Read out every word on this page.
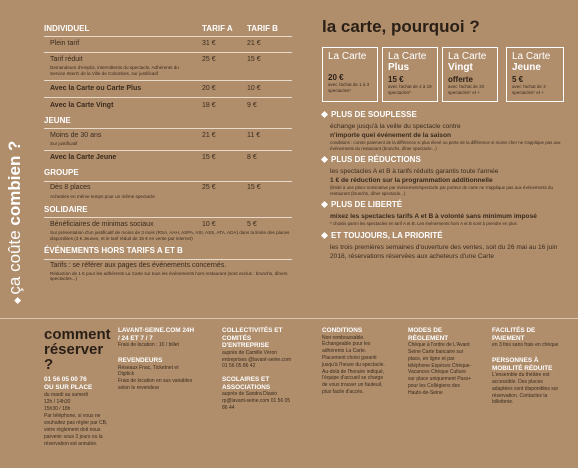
◆ ça coûte combien ?
INDIVIDUEL	TARIF A	TARIF B
Plein tarif	31 €	21 €
Tarif réduit	25 €	15 €
Demandeurs d'emploi, intermittents du spectacle, Adhérents du Service InterG de la Ville de Colombes, sur justificatif
Avec la Carte ou Carte Plus	20 €	10 €
Avec la Carte Vingt	18 €	9 €
JEUNE
Moins de 30 ans	21 €	11 €
Sur justificatif
Avec la Carte Jeune	15 €	8 €
GROUPE
Dès 8 places	25 €	15 €
Achetées en même temps pour un même spectacle
SOLIDAIRE
Bénéficiaires de minimas sociaux	10 €	5 €
Sur présentation d'un justificatif de moins de 3 mois (RSA, AAH, ASPA, ASI, ASS, ATA, ADA) dans la limite des places disponibles (3 € Jeunes, et le tarif réduit de 15 € en vente par internet)
ÉVÉNEMENTS HORS TARIFS A ET B
Tarifs : se référer aux pages des événements concernés.
Réduction de 1 € pour les adhérents La Carte sur tous les événements hors restaurant (sont exclus : brunchs, dîners spectacles...)
la carte, pourquoi ?
La Carte
20 €
avec l'achat de 1 à 3 spectacles*
La Carte
Plus
15 €
avec l'achat de 4 à 19 spectacles*
La Carte
Vingt
offerte
avec l'achat de 20 spectacles* et +
La Carte
Jeune
5 €
avec l'achat de 3 spectacles* et +
PLUS DE SOUPLESSE
échange jusqu'à la veille du spectacle contre
n'importe quel événement de la saison
conditions : contre paiement de la différence si plus élevé ou perte de la différence si moins cher ne s'applique pas aux événements du restaurant (brunchs, dîner spectacle...)
PLUS DE RÉDUCTIONS
les spectacles A et B à tarifs réduits garantis toute l'année
1 € de réduction sur la programmation additionnelle
(limité à une place nominative par événement/spectacle par porteur de carte ne s'applique pas aux événements du restaurant (brunchs, dîner spectacle...)
PLUS DE LIBERTÉ
mixez les spectacles tarifs A et B à volonté sans minimum imposé
* choisis parmi les spectacles en tarif A et B. Les événements hors A et B sont à prendre en plus
ET TOUJOURS, LA PRIORITÉ
les trois premières semaines d'ouverture des ventes, soit du 26 mai au 16 juin 2018, réservations réservées aux acheteurs d'une Carte
comment réserver ?
01 56 05 00 76
OU SUR PLACE
du mardi au samedi
12h / 14h30
15h30 / 18h
Par téléphone, si vous ne souhaitez pas régler par CB, votre règlement doit nous parvenir sous 3 jours ou la réservation est annulée.
LAVANT-SEINE.COM 24H / 24 ET 7 / 7
Frais de location : 1€ / billet
REVENDEURS
Réseaux Fnac, Ticketnet et Digitick
Frais de location en sus variables selon le revendeur
COLLECTIVITÉS ET COMITÉS D'ENTREPRISE
auprès de Camille Véron entreprises @lavant-seine.com 01 56 05 86 42
SCOLAIRES ET ASSOCIATIONS
auprès de Sandra Diasio rp@lavant-seine.com 01 56 05 86 44
CONDITIONS
Non remboursable. Échangeable pour les adhérents La Carte. Placement choisi garanti jusqu'à l'heure du spectacle. Au-delà de l'horaire indiqué, l'équipe d'accueil se charge de vous trouver un fauteuil, plus facile d'accès.
MODES DE RÈGLEMENT
Chèque à l'ordre de L'Avant Seine Carte bancaire sur place, en ligne et par téléphone Espèces Chèque-Vacances Chèque Culture sur place uniquement Pass+ pour les Collégiens des Hauts-de-Seine
FACILITÉS DE PAIEMENT
en 3 fois sans frais en chèque
PERSONNES À MOBILITÉ RÉDUITE
L'ensemble du théâtre est accessible. Des places adaptées sont disponibles sur réservation. Contactez la billetterie.
